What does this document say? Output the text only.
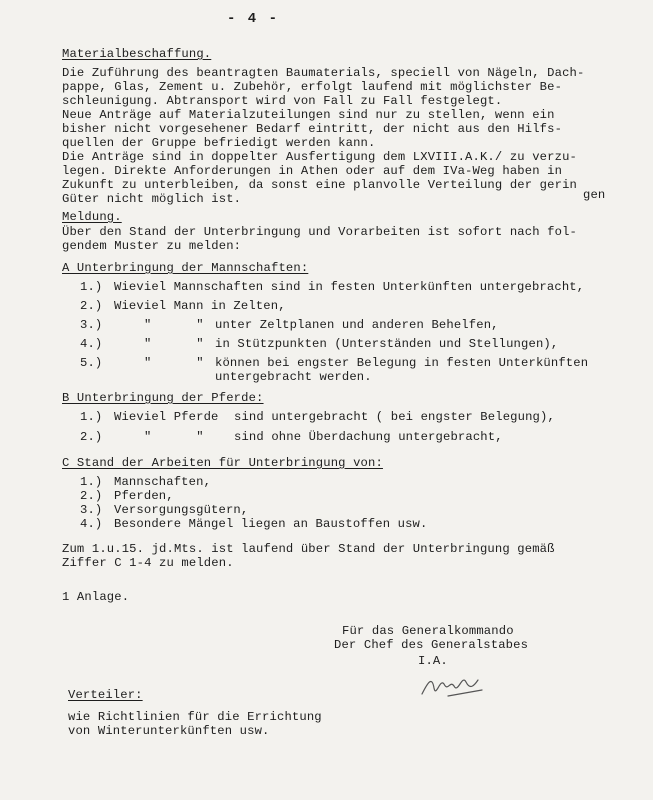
- 4 -
Materialbeschaffung.
Die Zuführung des beantragten Baumaterials, speciell von Nägeln, Dach-
pappe, Glas, Zement u. Zubehör, erfolgt laufend mit möglichster Be-
schleunigung. Abtransport wird von Fall zu Fall festgelegt.
Neue Anträge auf Materialzuteilungen sind nur zu stellen, wenn ein
bisher nicht vorgesehener Bedarf eintritt, der nicht aus den Hilfs-
quellen der Gruppe befriedigt werden kann.
Die Anträge sind in doppelter Ausfertigung dem LXVIII.A.K./ zu verzu-
legen. Direkte Anforderungen in Athen oder auf dem IVa-Weg haben in
Zukunft zu unterbleiben, da sonst eine planvolle Verteilung der gerin
Güter nicht möglich ist.	gen
Meldung.
Über den Stand der Unterbringung und Vorarbeiten ist sofort nach fol-
gendem Muster zu melden:
A Unterbringung der Mannschaften:
1.) Wieviel Mannschaften sind in festen Unterkünften untergebracht,
2.) Wieviel Mann in Zelten,
3.)	"      " unter Zeltplanen und anderen Behelfen,
4.)	"      " in Stützpunkten (Unterständen und Stellungen),
5.)	"      " können bei engster Belegung in festen Unterkünften
untergebracht werden.
B Unterbringung der Pferde:
1.) Wieviel Pferde sind untergebracht ( bei engster Belegung),
2.)	"      " sind ohne Überdachung untergebracht,
C Stand der Arbeiten für Unterbringung von:
1.) Mannschaften,
2.) Pferden,
3.) Versorgungsgütern,
4.) Besondere Mängel liegen an Baustoffen usw.
Zum 1.u.15. jd.Mts. ist laufend über Stand der Unterbringung gemäß
Ziffer C 1-4 zu melden.
1 Anlage.
Für das Generalkommando
Der Chef des Generalstabes
I.A.
Verteiler:
wie Richtlinien für die Errichtung
von Winterunterkünften usw.
